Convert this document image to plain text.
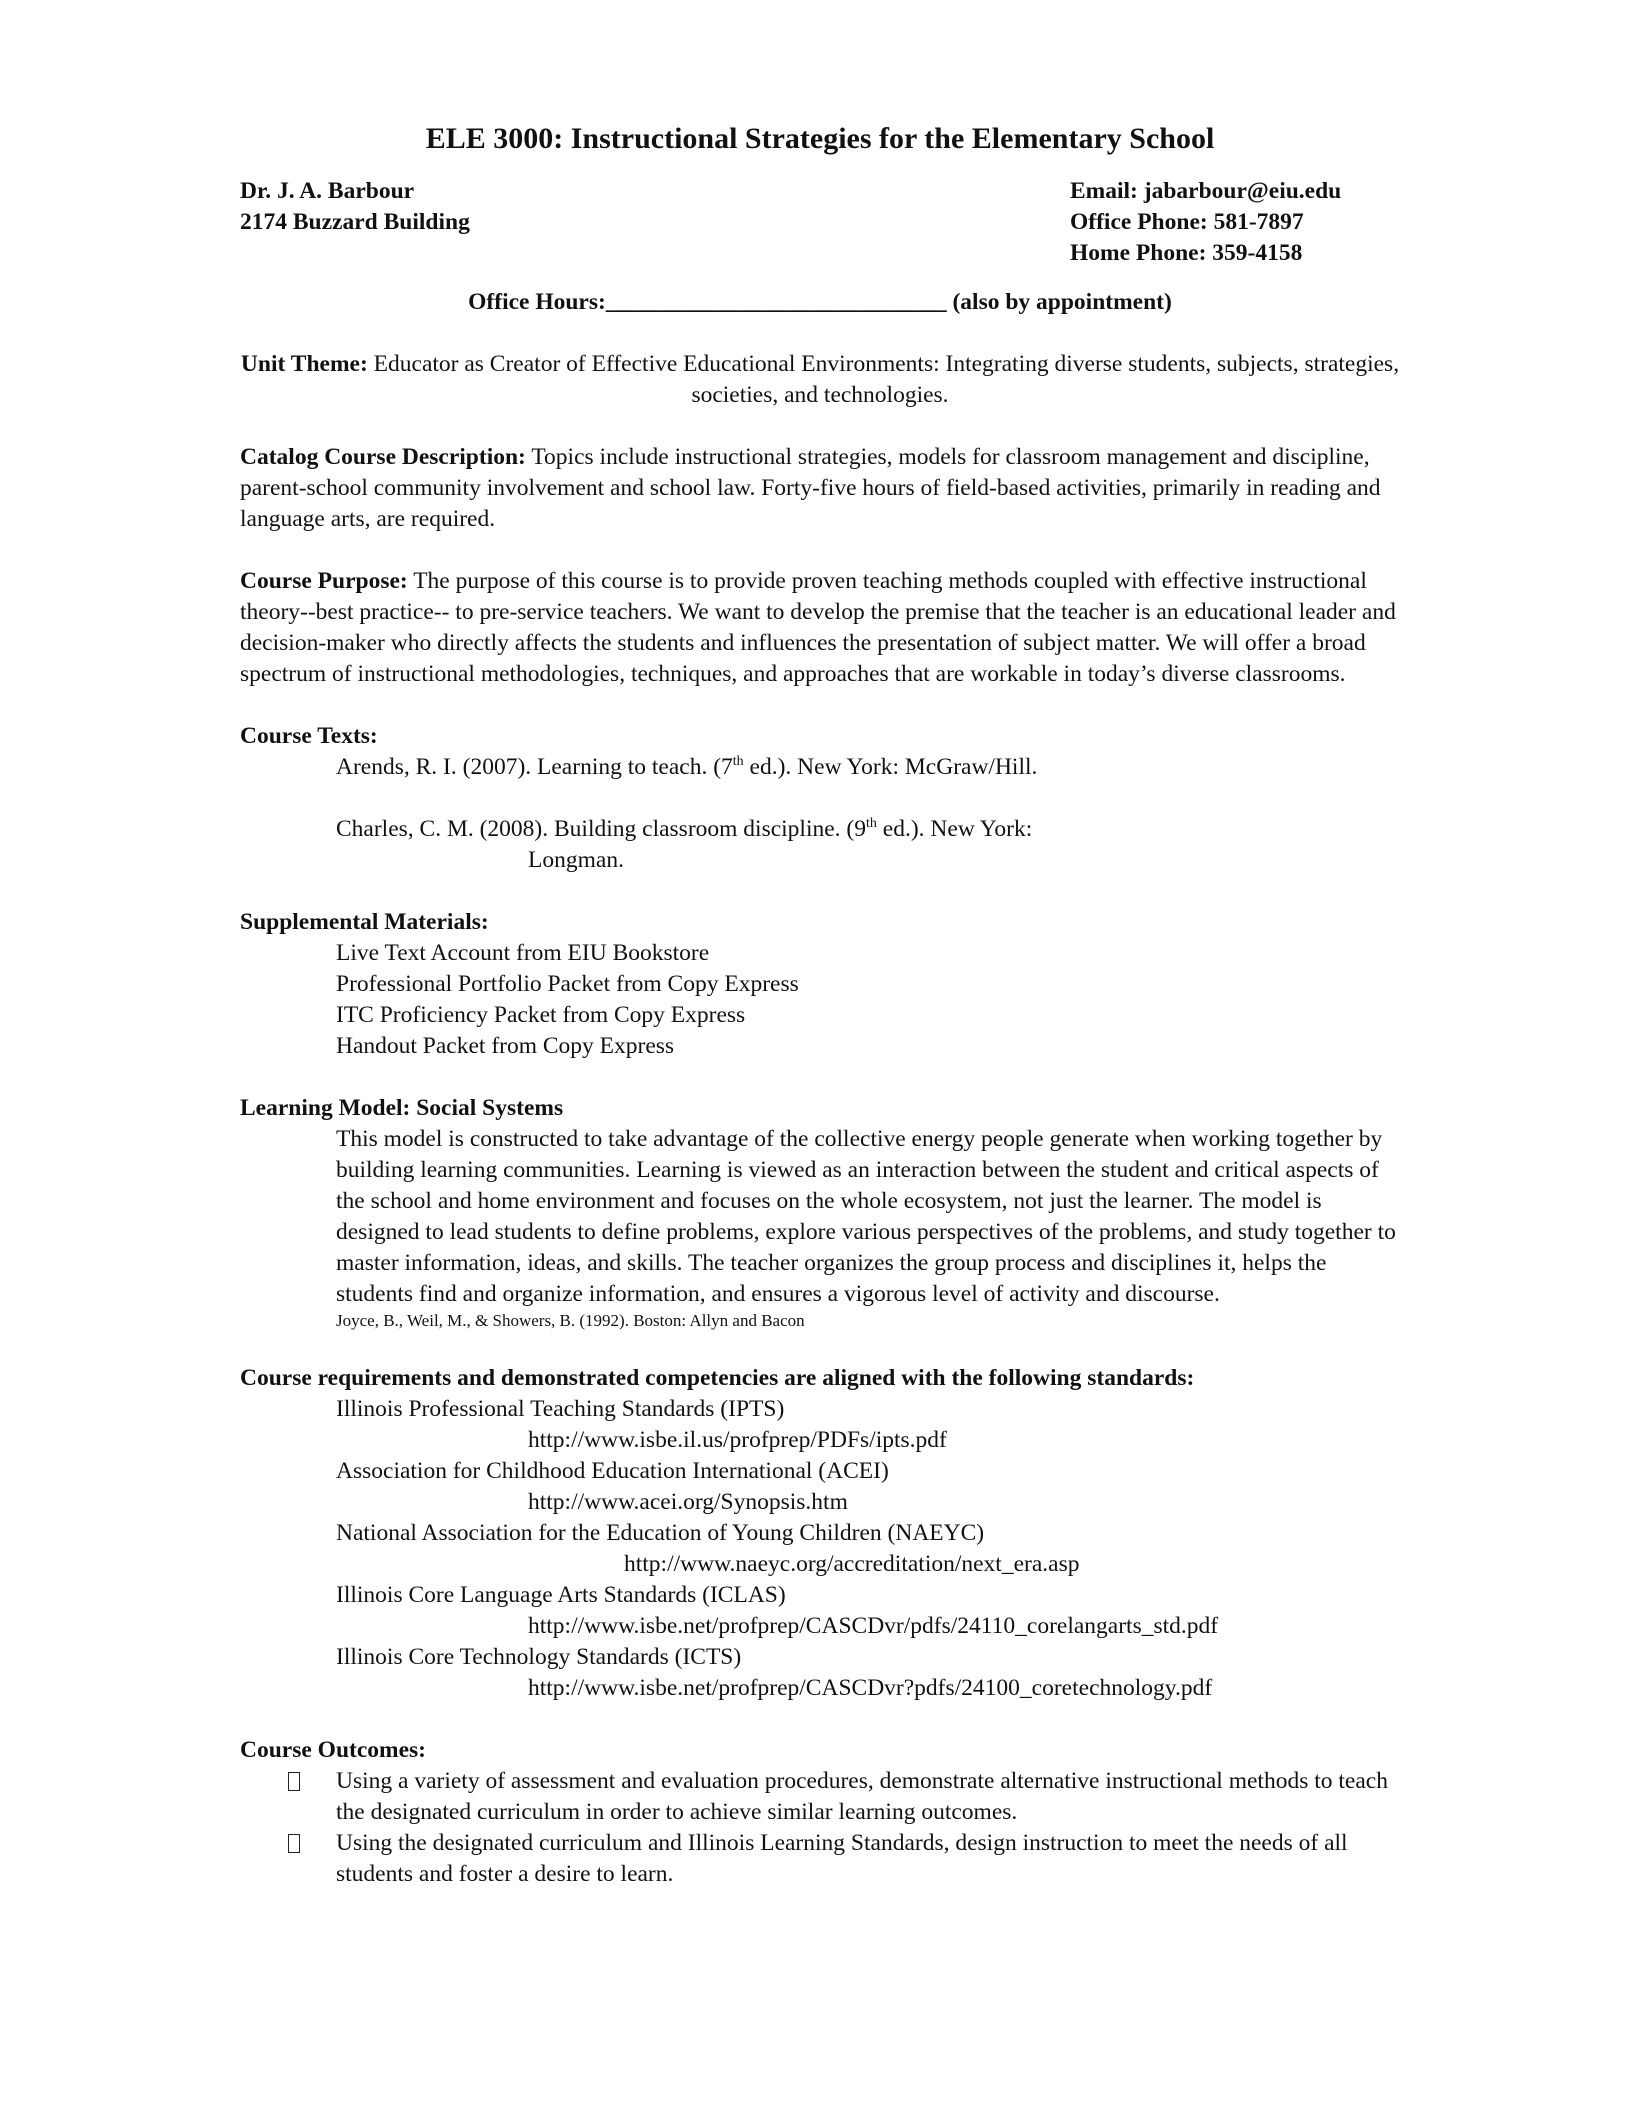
ELE 3000: Instructional Strategies for the Elementary School
Dr. J. A. Barbour
2174 Buzzard Building
Email: jabarbour@eiu.edu
Office Phone: 581-7897
Home Phone: 359-4158
Office Hours:_____________________________ (also by appointment)
Unit Theme: Educator as Creator of Effective Educational Environments: Integrating diverse students, subjects, strategies, societies, and technologies.
Catalog Course Description: Topics include instructional strategies, models for classroom management and discipline, parent-school community involvement and school law. Forty-five hours of field-based activities, primarily in reading and language arts, are required.
Course Purpose: The purpose of this course is to provide proven teaching methods coupled with effective instructional theory--best practice-- to pre-service teachers. We want to develop the premise that the teacher is an educational leader and decision-maker who directly affects the students and influences the presentation of subject matter. We will offer a broad spectrum of instructional methodologies, techniques, and approaches that are workable in today’s diverse classrooms.
Course Texts:
Arends, R. I. (2007). Learning to teach. (7th ed.). New York: McGraw/Hill.
Charles, C. M. (2008). Building classroom discipline. (9th ed.). New York:
Longman.
Supplemental Materials:
Live Text Account from EIU Bookstore
Professional Portfolio Packet from Copy Express
ITC Proficiency Packet from Copy Express
Handout Packet from Copy Express
Learning Model: Social Systems
This model is constructed to take advantage of the collective energy people generate when working together by building learning communities. Learning is viewed as an interaction between the student and critical aspects of the school and home environment and focuses on the whole ecosystem, not just the learner. The model is designed to lead students to define problems, explore various perspectives of the problems, and study together to master information, ideas, and skills. The teacher organizes the group process and disciplines it, helps the students find and organize information, and ensures a vigorous level of activity and discourse.
Joyce, B., Weil, M., & Showers, B. (1992). Boston: Allyn and Bacon
Course requirements and demonstrated competencies are aligned with the following standards:
Illinois Professional Teaching Standards (IPTS)
http://www.isbe.il.us/profprep/PDFs/ipts.pdf
Association for Childhood Education International (ACEI)
http://www.acei.org/Synopsis.htm
National Association for the Education of Young Children (NAEYC)
http://www.naeyc.org/accreditation/next_era.asp
Illinois Core Language Arts Standards (ICLAS)
http://www.isbe.net/profprep/CASCDvr/pdfs/24110_corelangarts_std.pdf
Illinois Core Technology Standards (ICTS)
http://www.isbe.net/profprep/CASCDvr?pdfs/24100_coretechnology.pdf
Course Outcomes:
Using a variety of assessment and evaluation procedures, demonstrate alternative instructional methods to teach the designated curriculum in order to achieve similar learning outcomes.
Using the designated curriculum and Illinois Learning Standards, design instruction to meet the needs of all students and foster a desire to learn.
